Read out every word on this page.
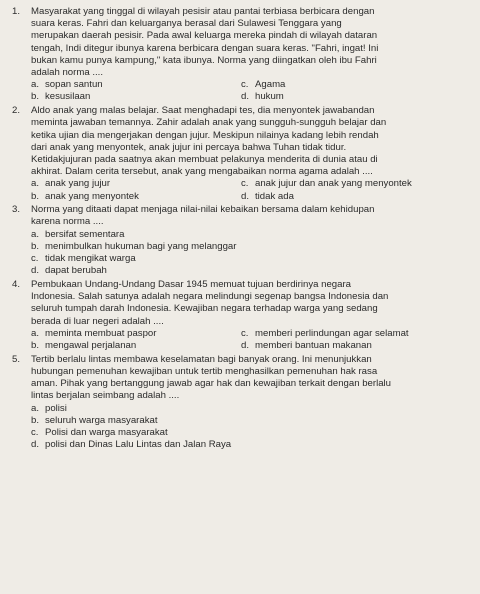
1.	Masyarakat yang tinggal di wilayah pesisir atau pantai terbiasa berbicara dengan
suara keras. Fahri dan keluarganya berasal dari Sulawesi Tenggara yang
merupakan daerah pesisir. Pada awal keluarga mereka pindah di wilayah dataran
tengah, Indi ditegur ibunya karena berbicara dengan suara keras. "Fahri, ingat! Ini
bukan kamu punya kampung," kata ibunya. Norma yang diingatkan oleh ibu Fahri
adalah norma ....
a. sopan santun	c. Agama
b. kesusilaan	d. hukum
2.	Aldo anak yang malas belajar. Saat menghadapi tes, dia menyontek jawabandan
meminta jawaban temannya. Zahir adalah anak yang sungguh-sungguh belajar dan
ketika ujian dia mengerjakan dengan jujur. Meskipun nilainya kadang lebih rendah
dari anak yang menyontek, anak jujur ini percaya bahwa Tuhan tidak tidur.
Ketidakjujuran pada saatnya akan membuat pelakunya menderita di dunia atau di
akhirat. Dalam cerita tersebut, anak yang mengabaikan norma agama adalah ....
a. anak yang jujur	c. anak jujur dan anak yang menyontek
b. anak yang menyontek	d. tidak ada
3.	Norma yang ditaati dapat menjaga nilai-nilai kebaikan bersama dalam kehidupan
karena norma ....
a. bersifat sementara
b. menimbulkan hukuman bagi yang melanggar
c. tidak mengikat warga
d. dapat berubah
4.	Pembukaan Undang-Undang Dasar 1945 memuat tujuan berdirinya negara
Indonesia. Salah satunya adalah negara melindungi segenap bangsa Indonesia dan
seluruh tumpah darah Indonesia. Kewajiban negara terhadap warga yang sedang
berada di luar negeri adalah ....
a. meminta membuat paspor	c. memberi perlindungan agar selamat
b. mengawal perjalanan	d. memberi bantuan makanan
5.	Tertib berlalu lintas membawa keselamatan bagi banyak orang. Ini menunjukkan
hubungan pemenuhan kewajiban untuk tertib menghasilkan pemenuhan hak rasa
aman. Pihak yang bertanggung jawab agar hak dan kewajiban terkait dengan berlalu
lintas berjalan seimbang adalah ....
a. polisi
b. seluruh warga masyarakat
c. Polisi dan warga masyarakat
d. polisi dan Dinas Lalu Lintas dan Jalan Raya
